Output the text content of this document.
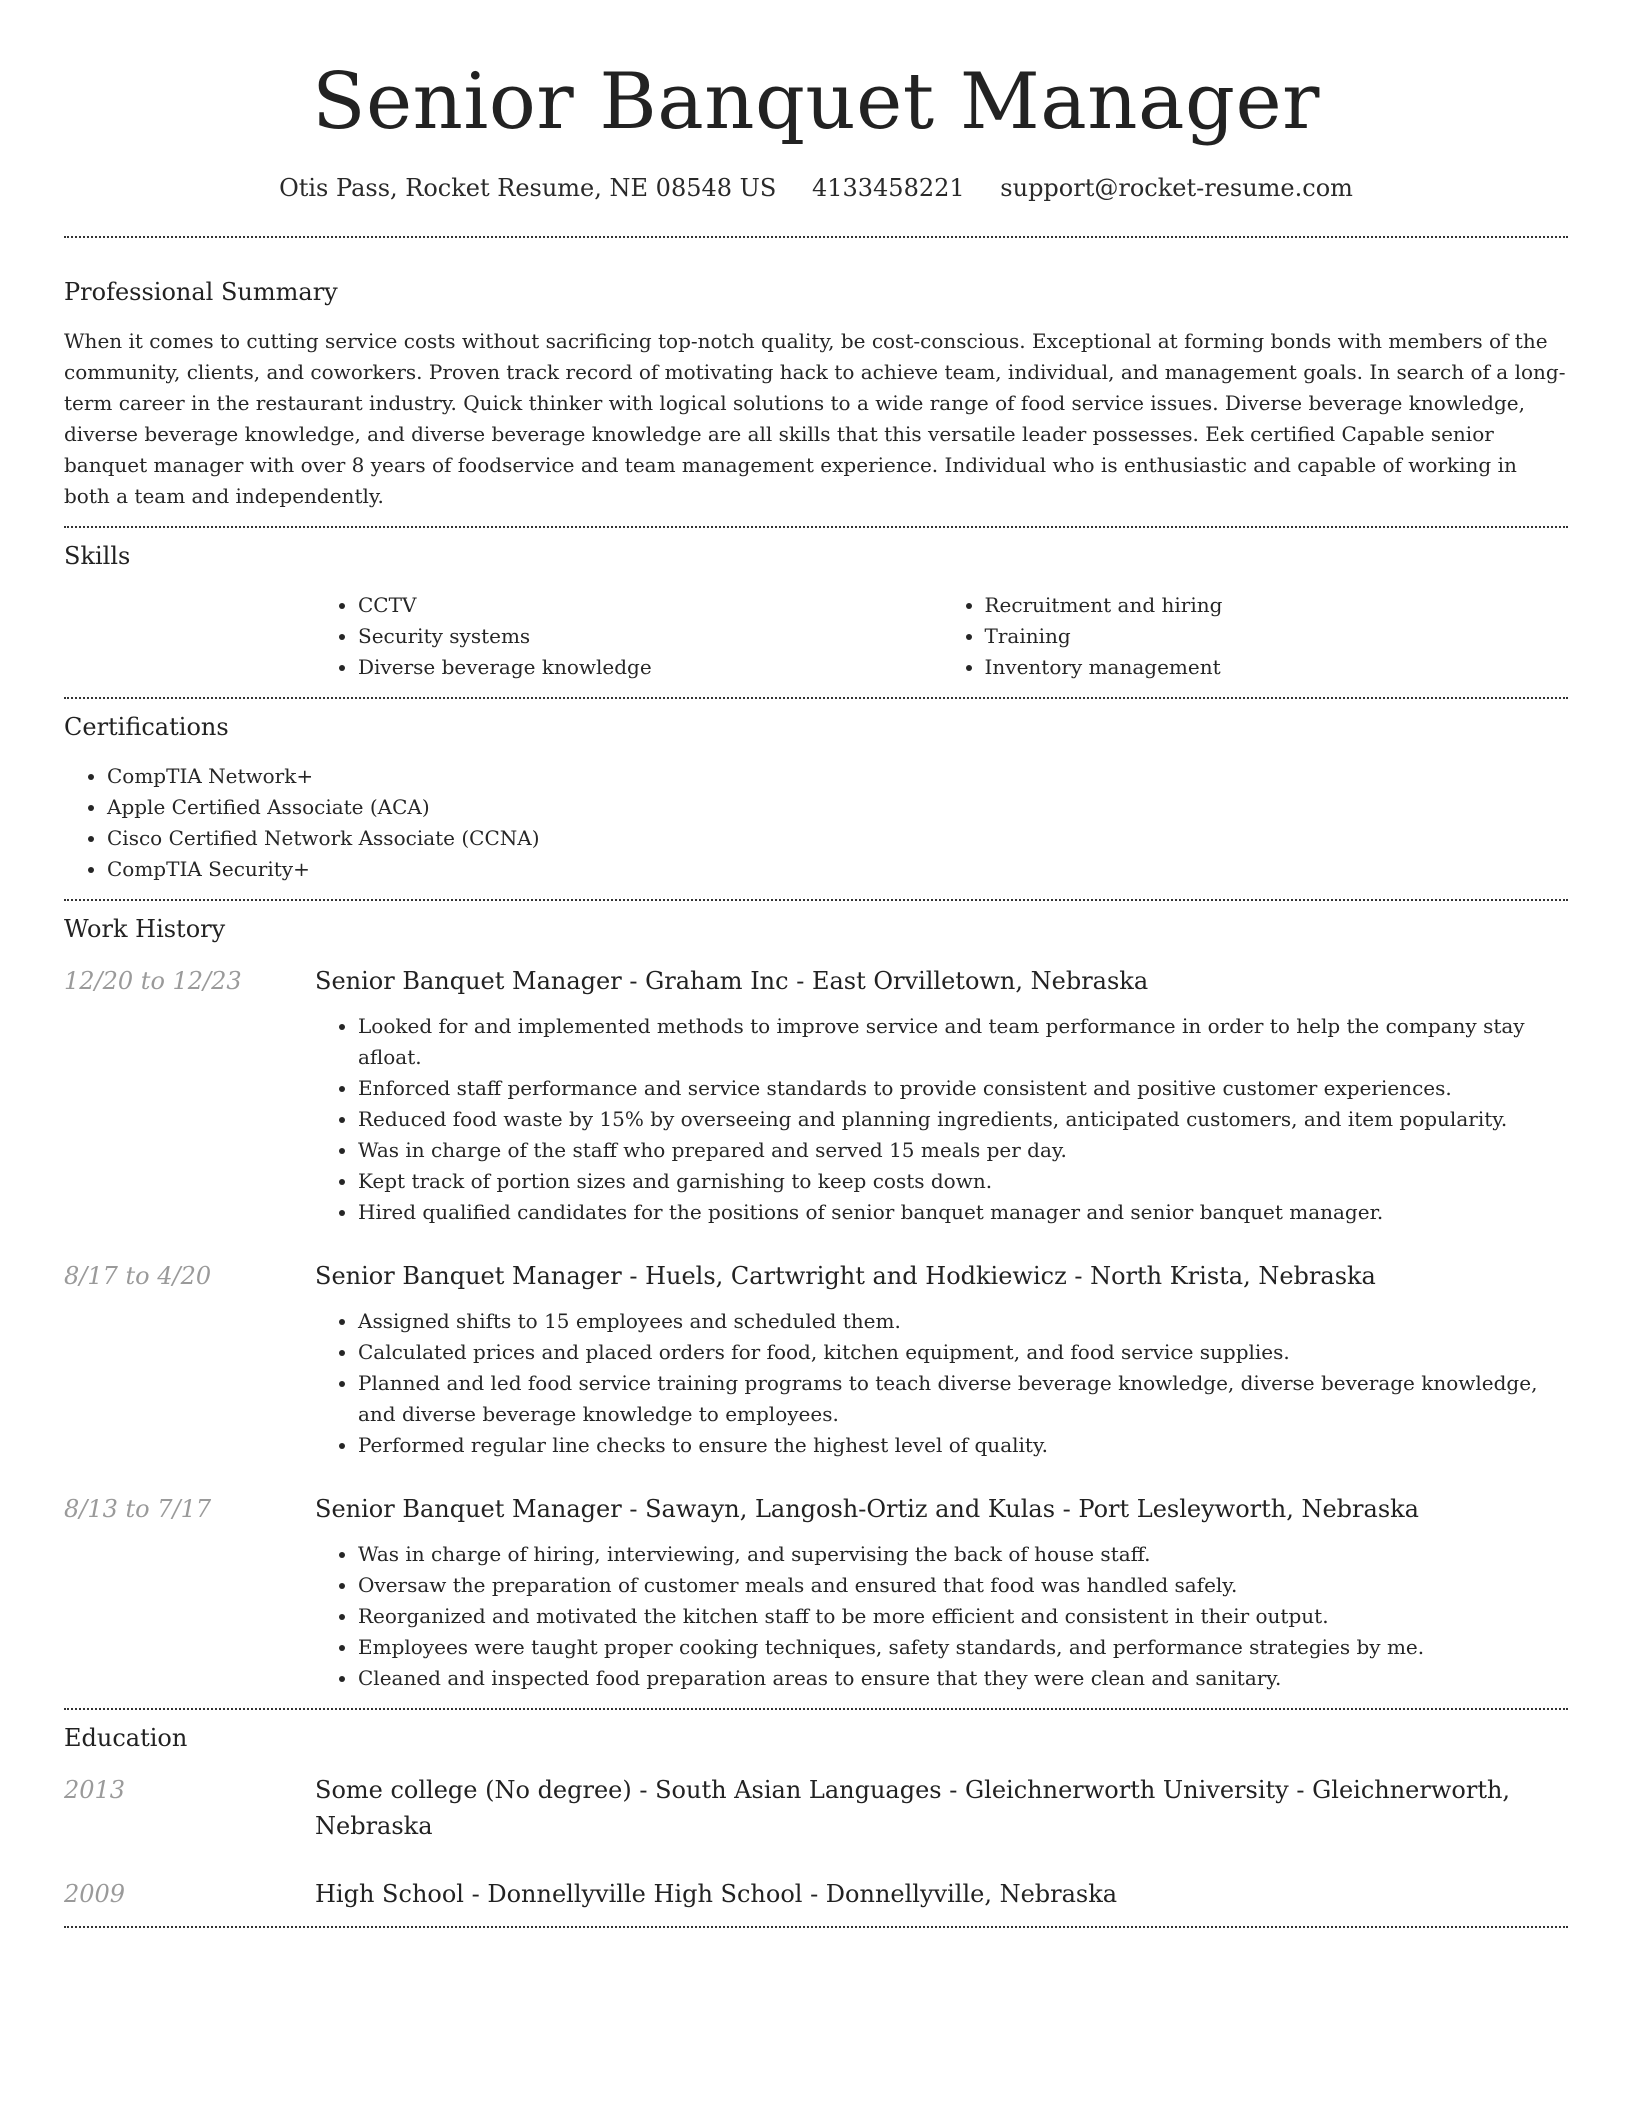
Senior Banquet Manager
Otis Pass, Rocket Resume, NE 08548 US 4133458221 support@rocket-resume.com
Professional Summary

When it comes to cutting service costs without sacrificing top-notch quality, be cost-conscious. Exceptional at forming bonds with members of the community, clients, and coworkers. Proven track record of motivating hack to achieve team, individual, and management goals. In search of a long-term career in the restaurant industry. Quick thinker with logical solutions to a wide range of food service issues. Diverse beverage knowledge, diverse beverage knowledge, and diverse beverage knowledge are all skills that this versatile leader possesses. Eek certified Capable senior banquet manager with over 8 years of foodservice and team management experience. Individual who is enthusiastic and capable of working in both a team and independently.

Skills
• CCTV
• Security systems
• Diverse beverage knowledge
• Recruitment and hiring
• Training
• Inventory management
Certifications
• CompTIA Network+
• Apple Certified Associate (ACA)
• Cisco Certified Network Associate (CCNA)
• CompTIA Security+
Work History
12/20 to 12/23	Senior Banquet Manager - Graham Inc - East Orvilletown, Nebraska
• Looked for and implemented methods to improve service and team performance in order to help the company stay afloat.
• Enforced staff performance and service standards to provide consistent and positive customer experiences.
• Reduced food waste by 15% by overseeing and planning ingredients, anticipated customers, and item popularity.
• Was in charge of the staff who prepared and served 15 meals per day.
• Kept track of portion sizes and garnishing to keep costs down.
• Hired qualified candidates for the positions of senior banquet manager and senior banquet manager.
8/17 to 4/20	Senior Banquet Manager - Huels, Cartwright and Hodkiewicz - North Krista, Nebraska
• Assigned shifts to 15 employees and scheduled them.
• Calculated prices and placed orders for food, kitchen equipment, and food service supplies.
• Planned and led food service training programs to teach diverse beverage knowledge, diverse beverage knowledge, and diverse beverage knowledge to employees.
• Performed regular line checks to ensure the highest level of quality.
8/13 to 7/17	Senior Banquet Manager - Sawayn, Langosh-Ortiz and Kulas - Port Lesleyworth, Nebraska
• Was in charge of hiring, interviewing, and supervising the back of house staff.
• Oversaw the preparation of customer meals and ensured that food was handled safely.
• Reorganized and motivated the kitchen staff to be more efficient and consistent in their output.
• Employees were taught proper cooking techniques, safety standards, and performance strategies by me.
• Cleaned and inspected food preparation areas to ensure that they were clean and sanitary.
Education
2013	Some college (No degree) - South Asian Languages - Gleichnerworth University - Gleichnerworth, Nebraska
2009	High School - Donnellyville High School - Donnellyville, Nebraska
